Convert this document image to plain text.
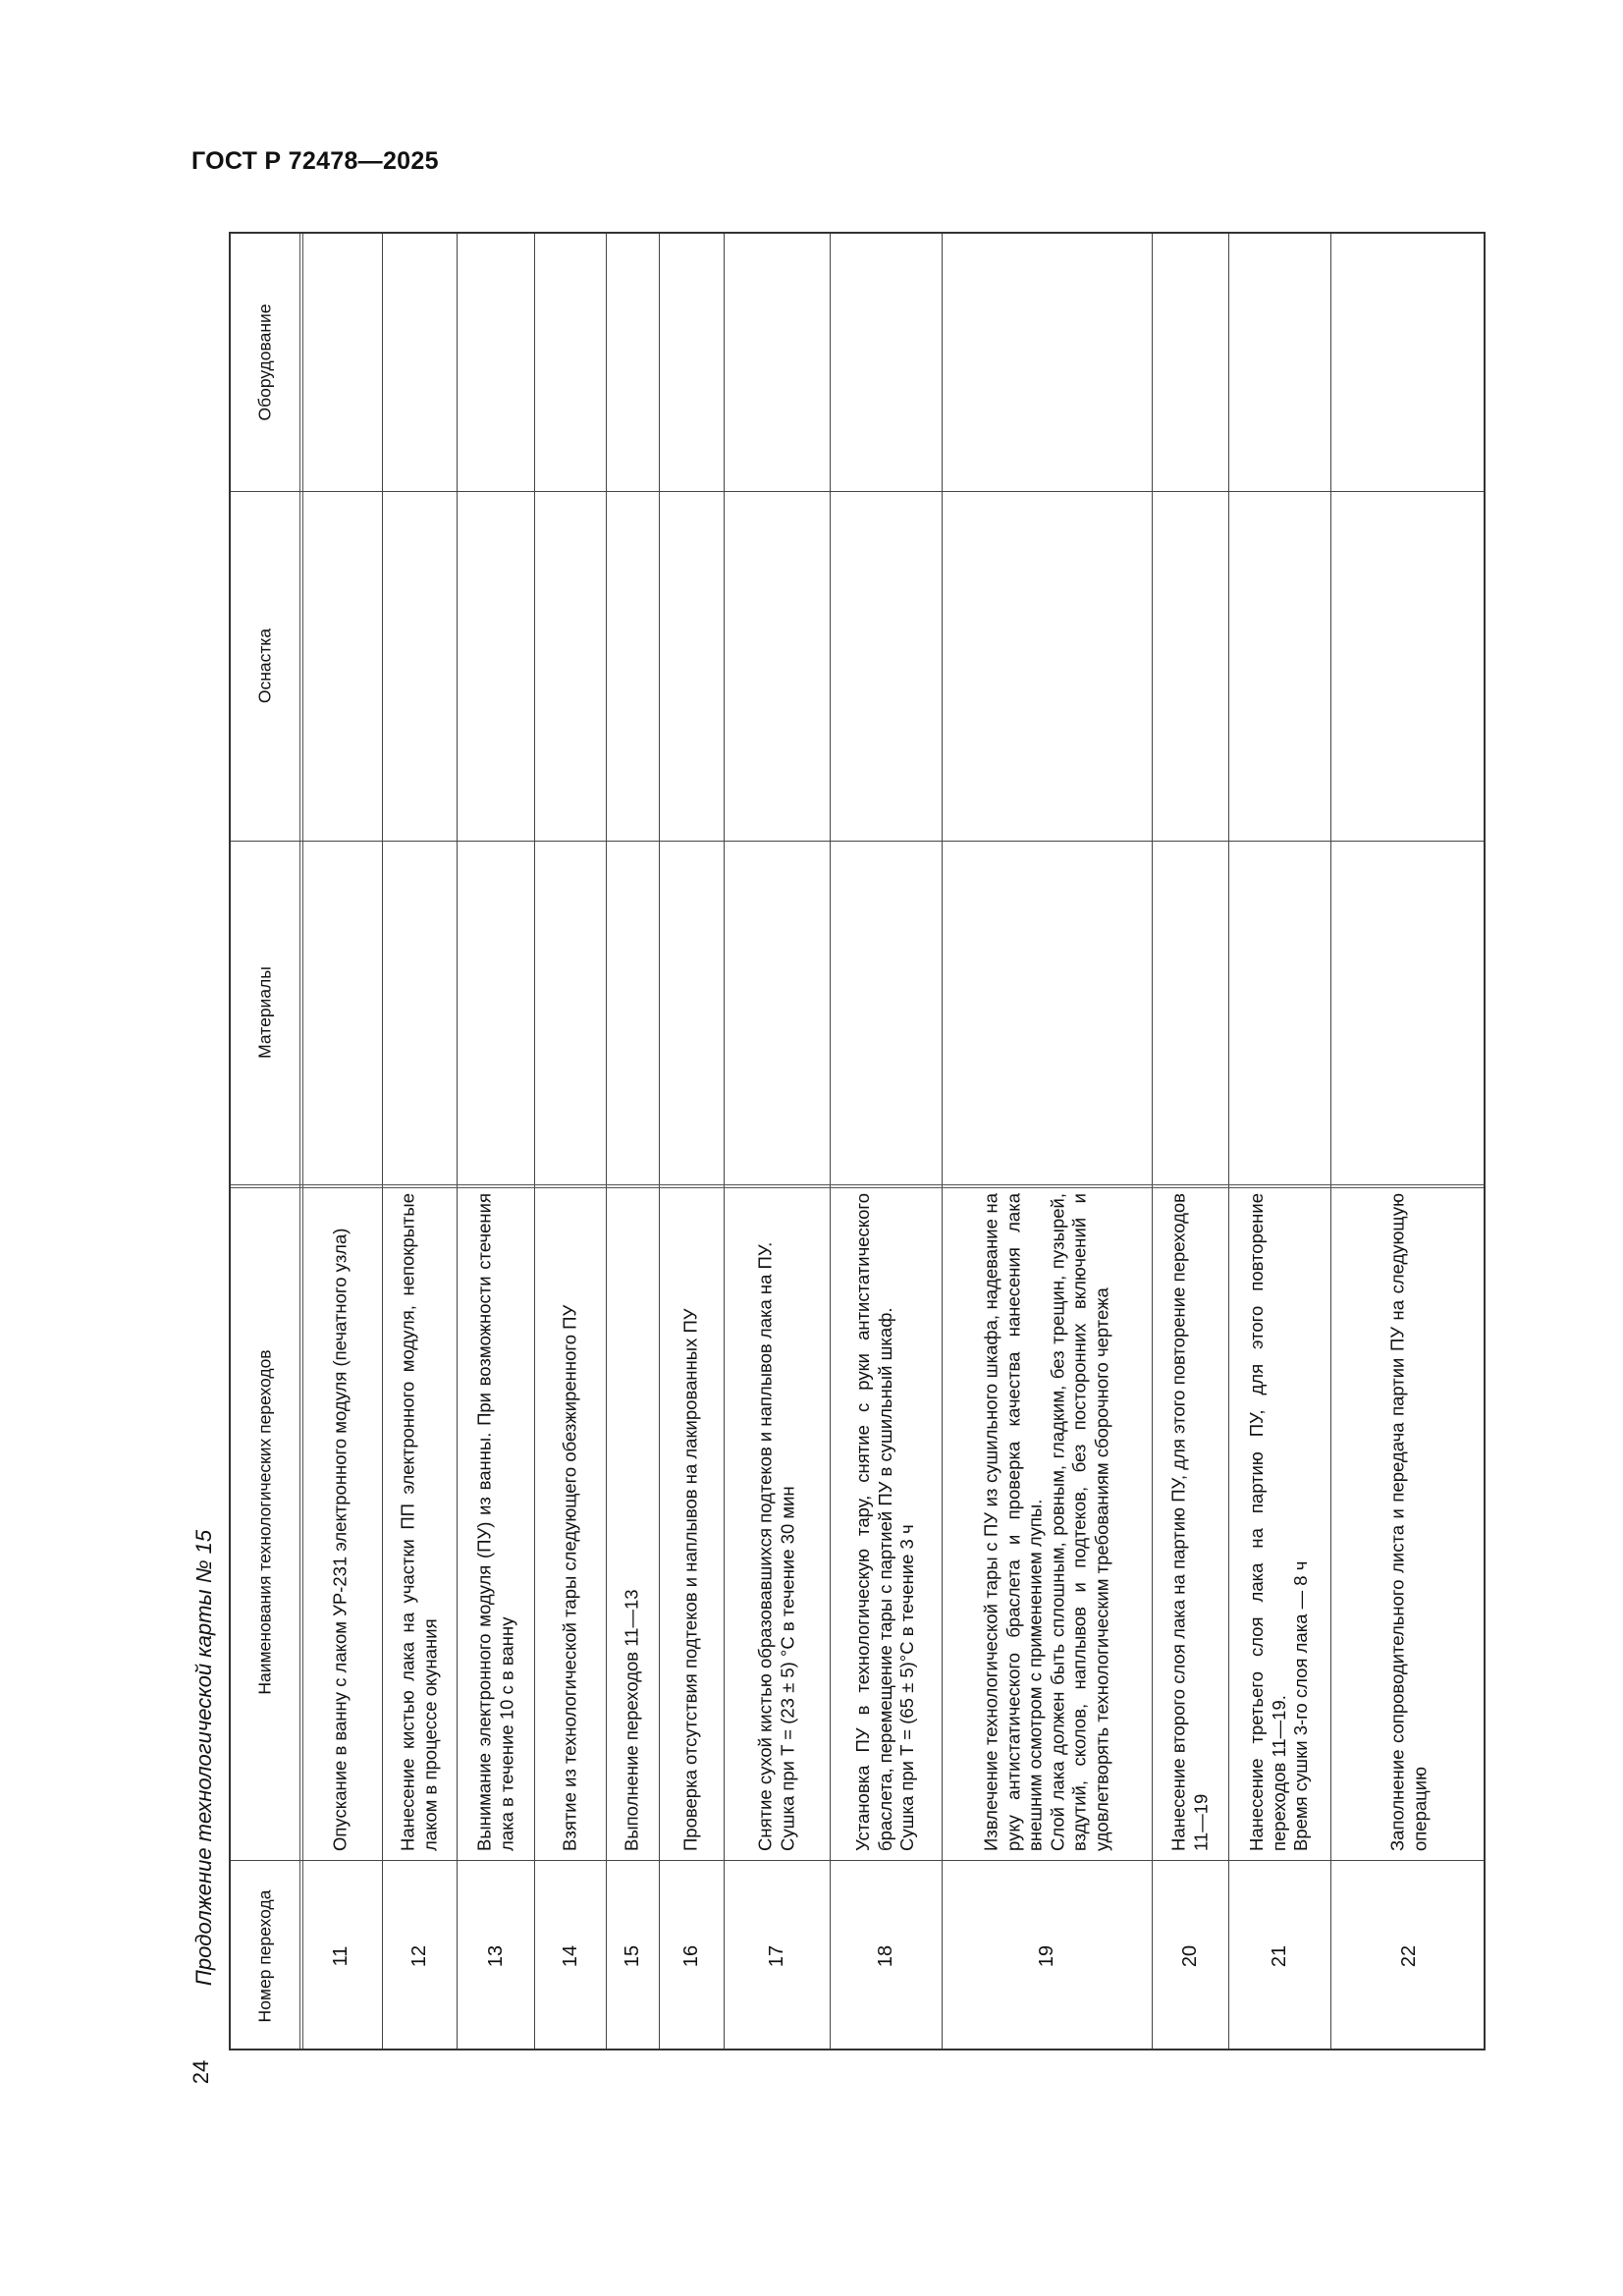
ГОСТ Р 72478—2025
24
Продолжение технологической карты № 15 Номер перехода
Наименования технологических переходов
Материалы
Оснастка
Оборудование
11

Опускание в ванну с лаком УР-231 электронного модуля (печатного узла)

12

Нанесение кистью лака на участки ПП электронного модуля, непокрытые лаком в процессе окунания

13

Вынимание электронного модуля (ПУ) из ванны. При возможности стечения лака в течение 10 с в ванну

14

Взятие из технологической тары следующего обезжиренного ПУ

15

Выполнение переходов 11—13

16

Проверка отсутствия подтеков и наплывов на лакированных ПУ

17

Снятие сухой кистью образовавшихся подтеков и наплывов лака на ПУ. Сушка при T = (23 ± 5) °С в течение 30 мин

18

Установка ПУ в технологическую тару, снятие с руки антистатического браслета, перемещение тары с партией ПУ в сушильный шкаф. Сушка при T = (65 ± 5)°С в течение 3 ч

19

Извлечение технологической тары с ПУ из сушильного шкафа, надевание на руку антистатического браслета и проверка качества нанесения лака внешним осмотром с применением лупы. Слой лака должен быть сплошным, ровным, гладким, без трещин, пузырей, вздутий, сколов, наплывов и подтеков, без посторонних включений и удовлетворять технологическим требованиям сборочного чертежа

20

Нанесение второго слоя лака на партию ПУ, для этого повторение переходов 11—19

21

Нанесение третьего слоя лака на партию ПУ, для этого повторение переходов 11—19. Время сушки 3-го слоя лака — 8 ч

22

Заполнение сопроводительного листа и передача партии ПУ на следующую операцию
